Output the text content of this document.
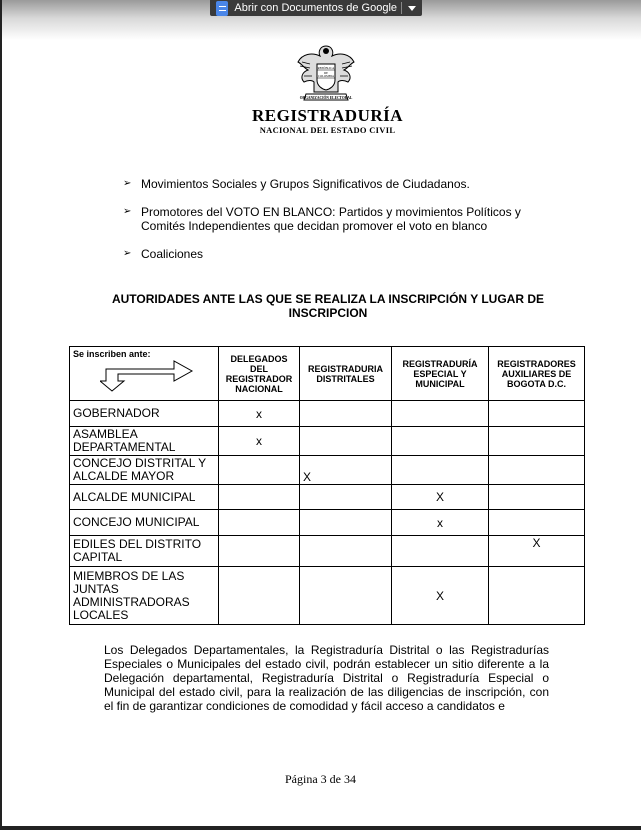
Abrir con Documentos de Google
REPÚBLICA
DE
COLOMBIA
ORGANIZACIÓN ELECTORAL
REGISTRADURÍA
NACIONAL DEL ESTADO CIVIL
➢ Movimientos Sociales y Grupos Significativos de Ciudadanos.
➢ Promotores del VOTO EN BLANCO: Partidos y movimientos Políticos y Comités Independientes que decidan promover el voto en blanco
➢ Coaliciones
AUTORIDADES ANTE LAS QUE SE REALIZA LA INSCRIPCIÓN Y LUGAR DE INSCRIPCION
Se inscriben ante:	DELEGADOS DEL REGISTRADOR NACIONAL	REGISTRADURIA DISTRITALES	REGISTRADURÍA ESPECIAL Y MUNICIPAL	REGISTRADORES AUXILIARES DE BOGOTA D.C.
GOBERNADOR	x			
ASAMBLEA DEPARTAMENTAL	x			
CONCEJO DISTRITAL Y ALCALDE MAYOR		X		
ALCALDE MUNICIPAL			X	
CONCEJO MUNICIPAL			x	
EDILES DEL DISTRITO CAPITAL				X
MIEMBROS DE LAS JUNTAS ADMINISTRADORAS LOCALES			X	
Los Delegados Departamentales, la Registraduría Distrital o las Registradurías Especiales o Municipales del estado civil, podrán establecer un sitio diferente a la Delegación departamental, Registraduría Distrital o Registraduría Especial o Municipal del estado civil, para la realización de las diligencias de inscripción, con el fin de garantizar condiciones de comodidad y fácil acceso a candidatos e
Página 3 de 34
